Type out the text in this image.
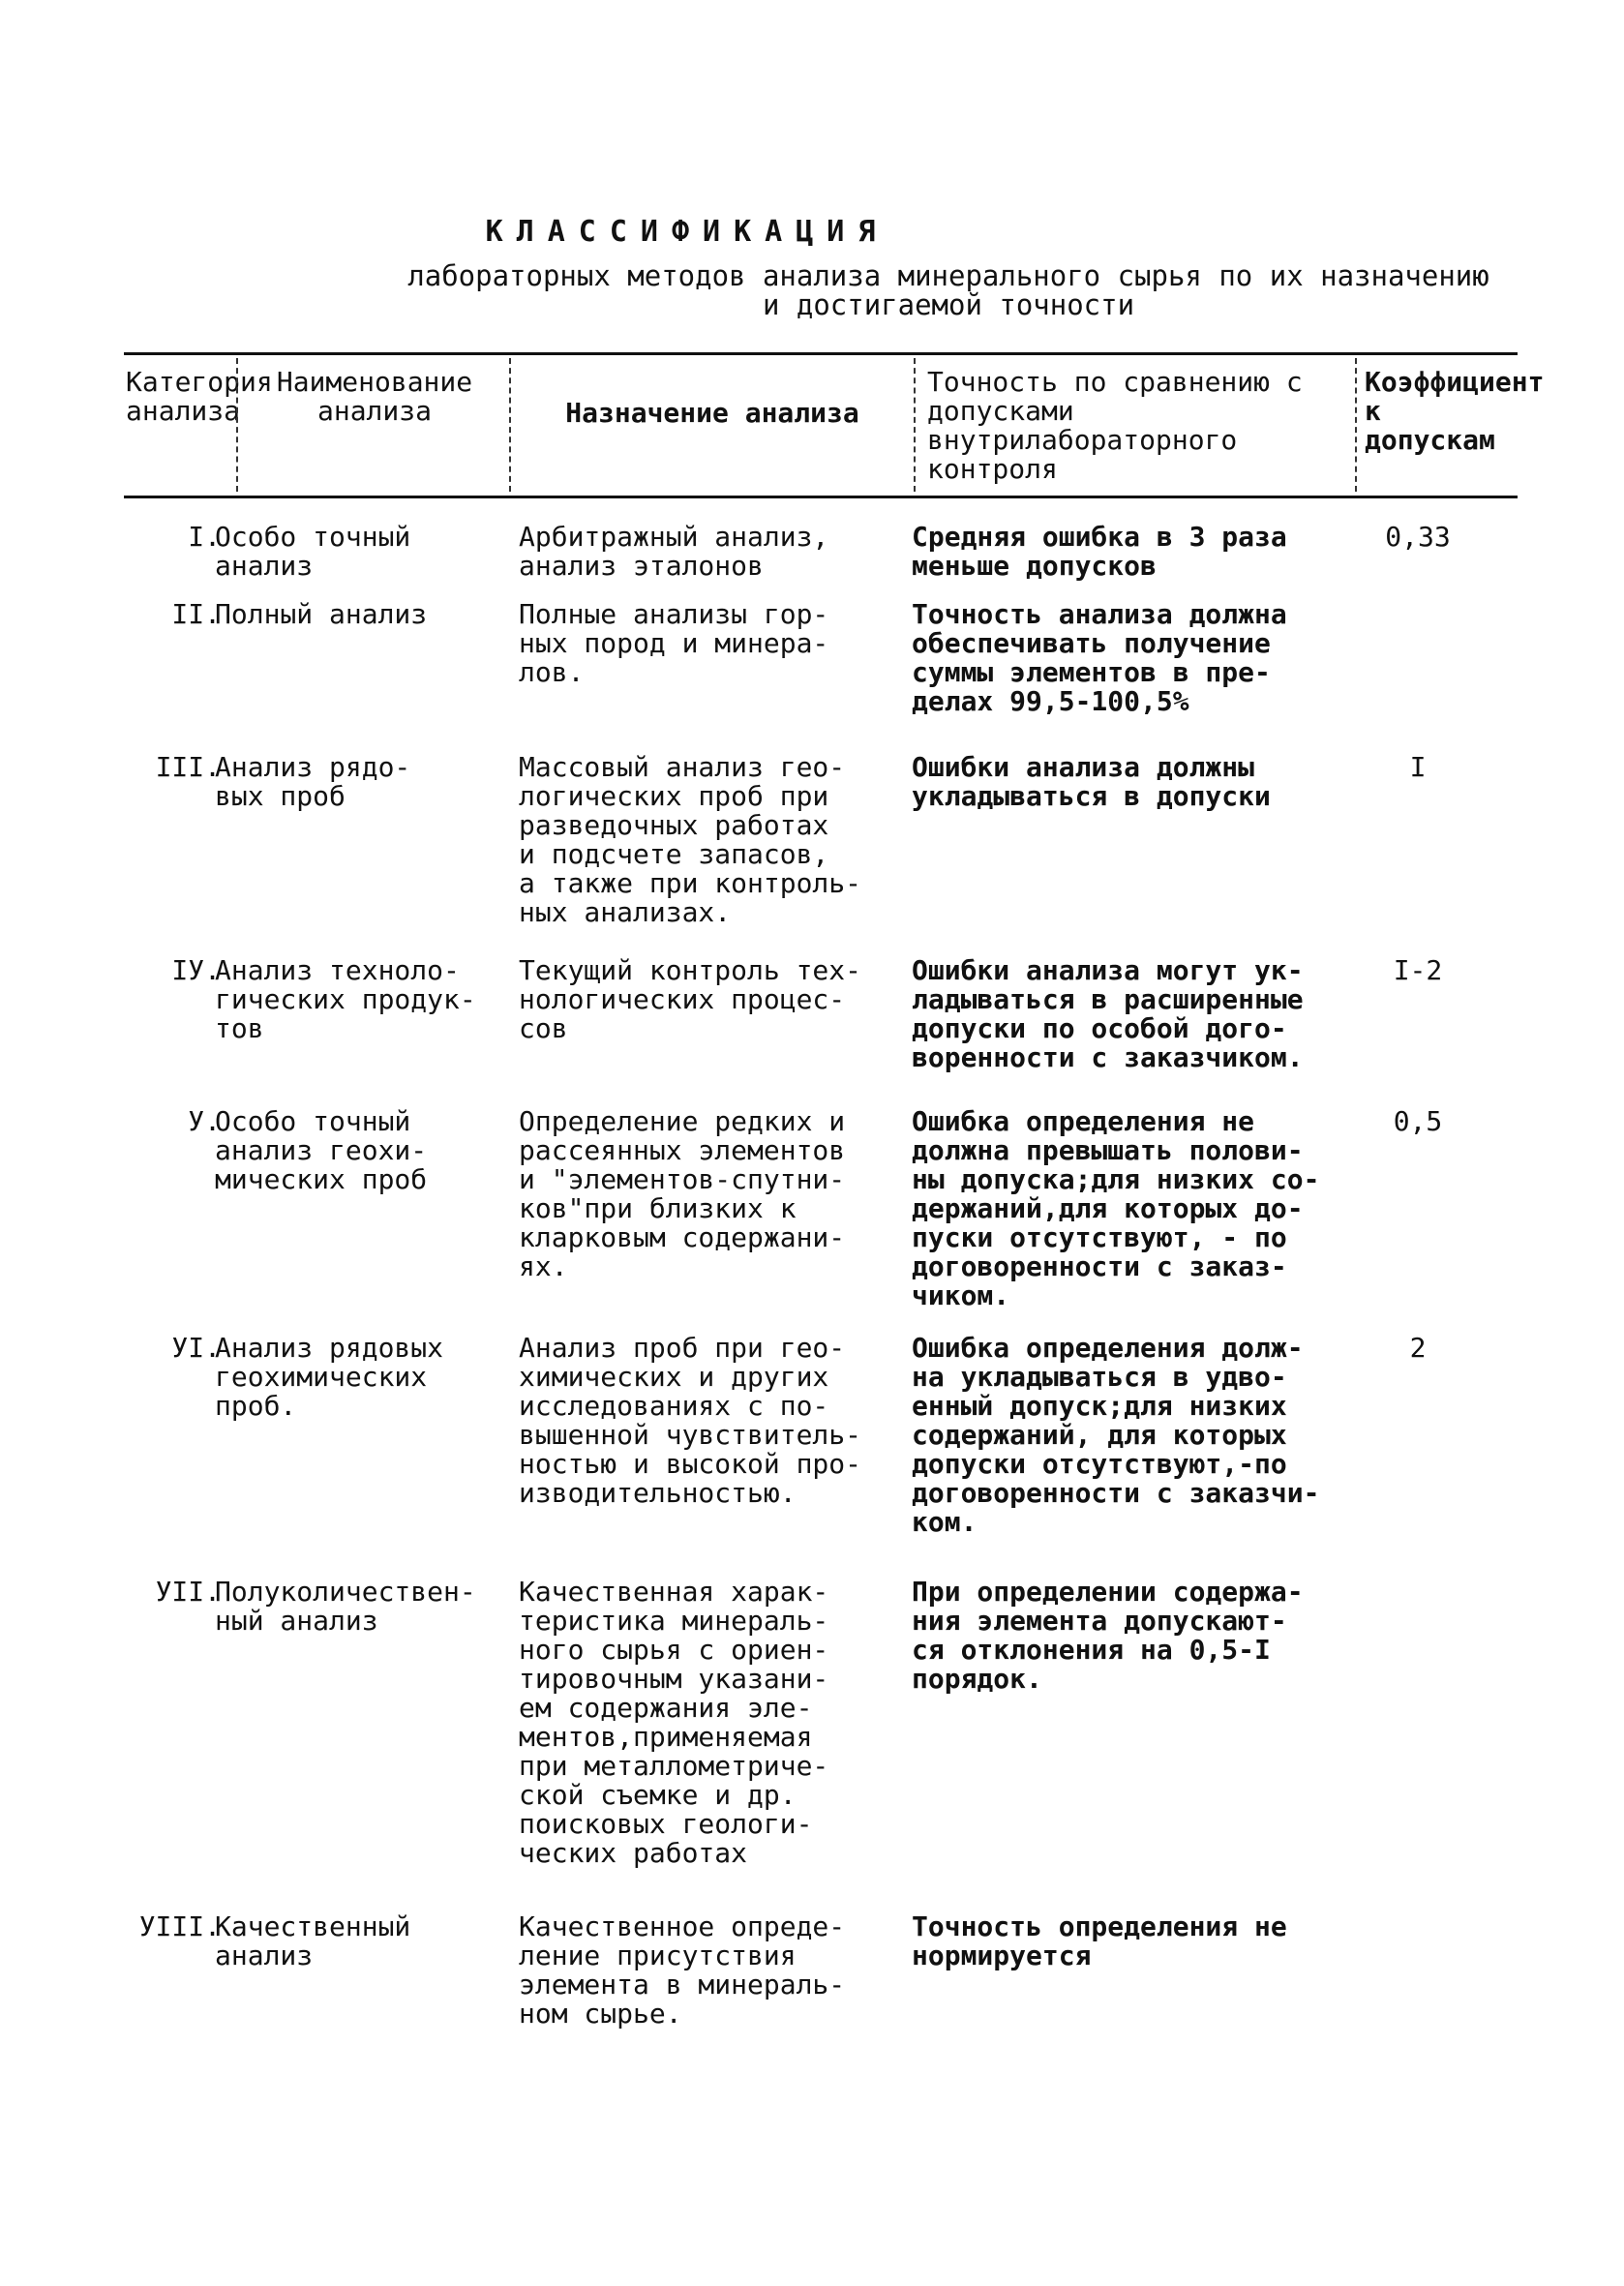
КЛАССИФИКАЦИЯ
лабораторных методов анализа минерального сырья по их назначению и достигаемой точности
Категория анализа
Наименование анализа	Назначение анализа
Точность по сравнению с допусками внутрилабораторного контроля
Коэффициент к допускам
I.
Особо точный
анализ
Арбитражный анализ,
анализ эталонов
Средняя ошибка в 3 раза
меньше допусков
0,33
II.
Полный анализ	Полные анализы гор-
ных пород и минера-
лов.
Точность анализа должна
обеспечивать получение
суммы элементов в пре-
делах 99,5-100,5%
III.
Анализ рядо-
вых проб
Массовый анализ гео-
логических проб при
разведочных работах
и подсчете запасов,
а также при контроль-
ных анализах.
Ошибки анализа должны
укладываться в допуски
I
IУ.
Анализ техноло-
гических продук-
тов
Текущий контроль тех-
нологических процес-
сов
Ошибки анализа могут ук-
ладываться в расширенные
допуски по особой дого-
воренности с заказчиком.
I-2
У.
Особо точный
анализ геохи-
мических проб
Определение редких и
рассеянных элементов
и "элементов-спутни-
ков"при близких к
кларковым содержани-
ях.
Ошибка определения не
должна превышать полови-
ны допуска;для низких со-
держаний,для которых до-
пуски отсутствуют, - по
договоренности с заказ-
чиком.
0,5
УI.
Анализ рядовых
геохимических
проб.
Анализ проб при гео-
химических и других
исследованиях с по-
вышенной чувствитель-
ностью и высокой про-
изводительностью.
Ошибка определения долж-
на укладываться в удво-
енный допуск;для низких
содержаний, для которых
допуски отсутствуют,-по
договоренности с заказчи-
ком.
2
УII.
Полуколичествен-
ный анализ
Качественная харак-
теристика минераль-
ного сырья с ориен-
тировочным указани-
ем содержания эле-
ментов,применяемая
при металлометриче-
ской съемке и др.
поисковых геологи-
ческих работах
При определении содержа-
ния элемента допускают-
ся отклонения на 0,5-I
порядок.
УIII.
Качественный
анализ
Качественное опреде-
ление присутствия
элемента в минераль-
ном сырье.
Точность определения не
нормируется
